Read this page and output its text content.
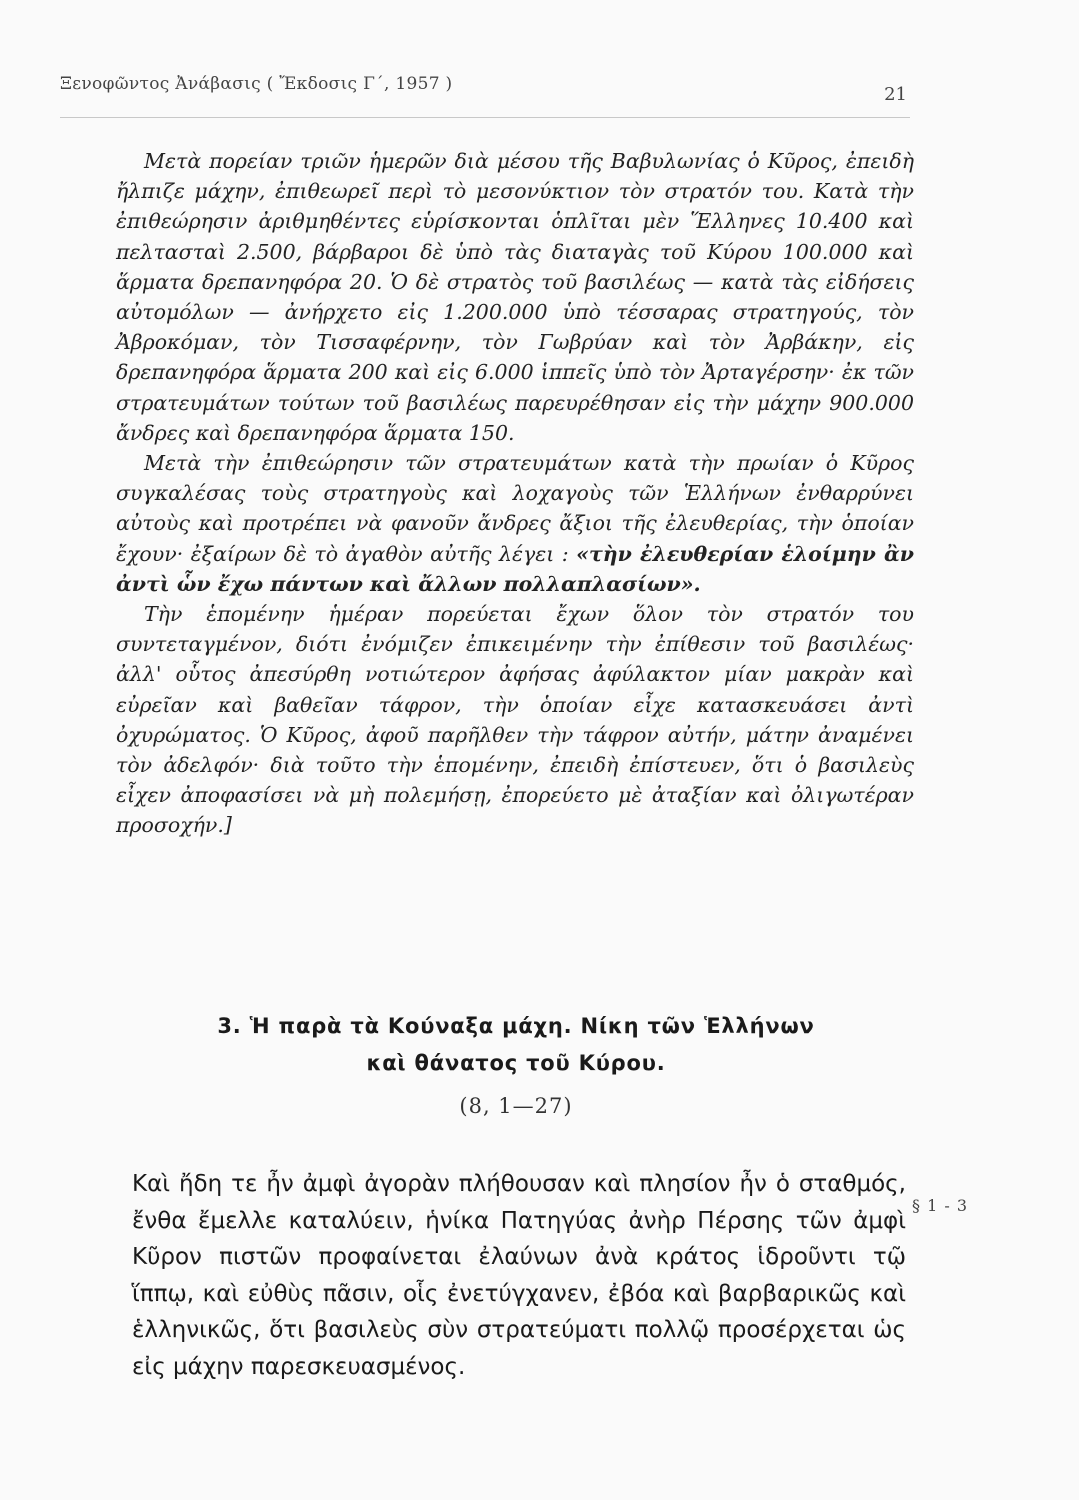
Ξενοφῶντος Ἀνάβασις ( Ἔκδοσις Γ΄, 1957 )	21

Μετὰ πορείαν τριῶν ἡμερῶν διὰ μέσου τῆς Βαβυλωνίας ὁ Κῦρος, ἐπειδὴ ἤλπιζε μάχην, ἐπιθεωρεῖ περὶ τὸ μεσονύκτιον τὸν στρατόν του. Κατὰ τὴν ἐπιθεώρησιν ἀριθμηθέντες εὑρίσκονται ὁπλῖται μὲν Ἕλληνες 10.400 καὶ πελτασταὶ 2.500, βάρβαροι δὲ ὑπὸ τὰς διαταγὰς τοῦ Κύρου 100.000 καὶ ἅρματα δρεπανηφόρα 20. Ὁ δὲ στρατὸς τοῦ βασιλέως — κατὰ τὰς εἰδήσεις αὐτομόλων — ἀνήρχετο εἰς 1.200.000 ὑπὸ τέσσαρας στρατηγούς, τὸν Ἀβροκόμαν, τὸν Τισσαφέρνην, τὸν Γωβρύαν καὶ τὸν Ἀρβάκην, εἰς δρεπανηφόρα ἅρματα 200 καὶ εἰς 6.000 ἱππεῖς ὑπὸ τὸν Ἀρταγέρσην· ἐκ τῶν στρατευμάτων τούτων τοῦ βασιλέως παρευρέθησαν εἰς τὴν μάχην 900.000 ἄνδρες καὶ δρεπανηφόρα ἅρματα 150.

Μετὰ τὴν ἐπιθεώρησιν τῶν στρατευμάτων κατὰ τὴν πρωίαν ὁ Κῦρος συγκαλέσας τοὺς στρατηγοὺς καὶ λοχαγοὺς τῶν Ἑλλήνων ἐνθαρρύνει αὐτοὺς καὶ προτρέπει νὰ φανοῦν ἄνδρες ἄξιοι τῆς ἐλευθερίας, τὴν ὁποίαν ἔχουν· ἐξαίρων δὲ τὸ ἀγαθὸν αὐτῆς λέγει : «τὴν ἐλευθερίαν ἑλοίμην ἂν ἀντὶ ὧν ἔχω πάντων καὶ ἄλλων πολλαπλασίων».

Τὴν ἑπομένην ἡμέραν πορεύεται ἔχων ὅλον τὸν στρατόν του συντεταγμένον, διότι ἐνόμιζεν ἐπικειμένην τὴν ἐπίθεσιν τοῦ βασιλέως· ἀλλ' οὗτος ἀπεσύρθη νοτιώτερον ἀφήσας ἀφύλακτον μίαν μακρὰν καὶ εὐρεῖαν καὶ βαθεῖαν τάφρον, τὴν ὁποίαν εἶχε κατασκευάσει ἀντὶ ὀχυρώματος. Ὁ Κῦρος, ἀφοῦ παρῆλθεν τὴν τάφρον αὐτήν, μάτην ἀναμένει τὸν ἀδελφόν· διὰ τοῦτο τὴν ἑπομένην, ἐπειδὴ ἐπίστευεν, ὅτι ὁ βασιλεὺς εἶχεν ἀποφασίσει νὰ μὴ πολεμήσῃ, ἐπορεύετο μὲ ἀταξίαν καὶ ὀλιγωτέραν προσοχήν.]

3. Ἡ παρὰ τὰ Κούναξα μάχη. Νίκη τῶν Ἑλλήνων
καὶ θάνατος τοῦ Κύρου.
(8, 1—27)

Καὶ ἤδη τε ἦν ἀμφὶ ἀγορὰν πλήθουσαν καὶ πλησίον ἦν ὁ σταθμός, ἔνθα ἔμελλε καταλύειν, ἡνίκα Πατηγύας ἀνὴρ Πέρσης τῶν ἀμφὶ Κῦρον πιστῶν προφαίνεται ἐλαύνων ἀνὰ κράτος ἱδροῦντι τῷ ἵππῳ, καὶ εὐθὺς πᾶσιν, οἷς ἐνετύγχανεν, ἐβόα καὶ βαρβαρικῶς καὶ ἑλληνικῶς, ὅτι βασιλεὺς σὺν στρατεύματι πολλῷ προσέρχεται ὡς εἰς μάχην παρεσκευασμένος.

§ 1 - 3
